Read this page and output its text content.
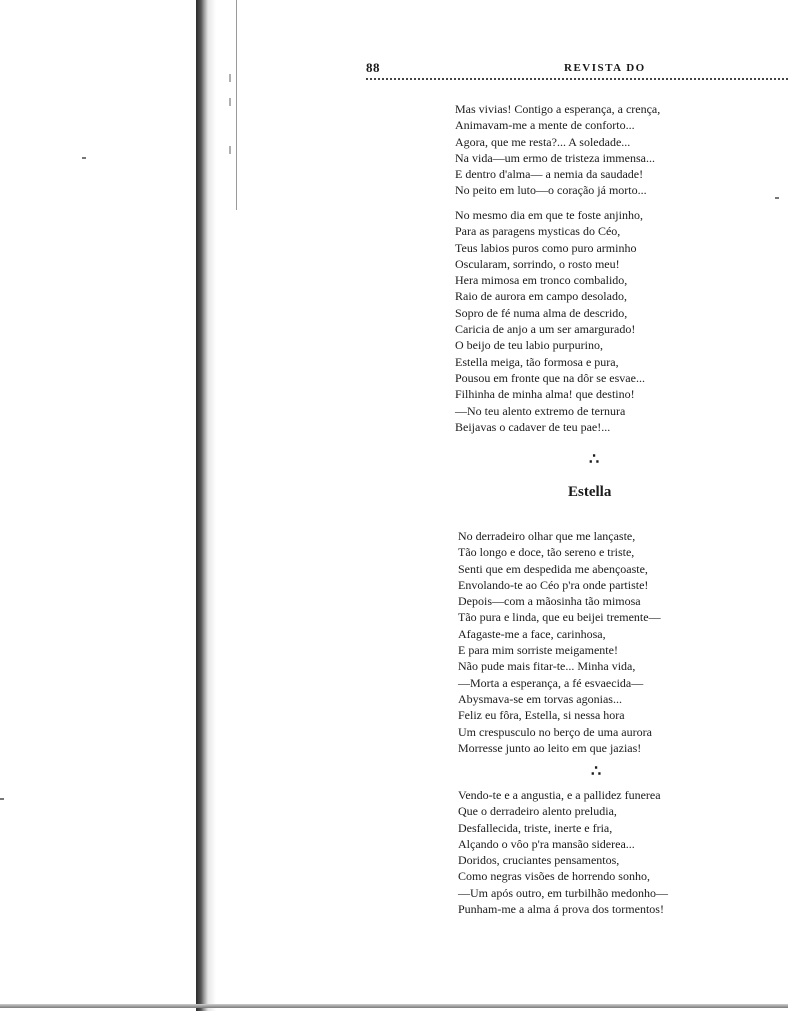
88	REVISTA DO
Mas vivias! Contigo a esperança, a crença,
Animavam-me a mente de conforto...
Agora, que me resta?... A soledade...
Na vida—um ermo de tristeza immensa...
E dentro d'alma— a nemia da saudade!
No peito em luto—o coração já morto...
No mesmo dia em que te foste anjinho,
Para as paragens mysticas do Céo,
Teus labios puros como puro arminho
Oscularam, sorrindo, o rosto meu!
Hera mimosa em tronco combalido,
Raio de aurora em campo desolado,
Sopro de fé numa alma de descrido,
Caricia de anjo a um ser amargurado!
O beijo de teu labio purpurino,
Estella meiga, tão formosa e pura,
Pousou em fronte que na dôr se esvae...
Filhinha de minha alma! que destino!
—No teu alento extremo de ternura
Beijavas o cadaver de teu pae!...
∴
Estella
No derradeiro olhar que me lançaste,
Tão longo e doce, tão sereno e triste,
Senti que em despedida me abençoaste,
Envolando-te ao Céo p'ra onde partiste!
Depois—com a mãosinha tão mimosa
Tão pura e linda, que eu beijei tremente—
Afagaste-me a face, carinhosa,
E para mim sorriste meigamente!
Não pude mais fitar-te... Minha vida,
—Morta a esperança, a fé esvaecida—
Abysmava-se em torvas agonias...
Feliz eu fôra, Estella, si nessa hora
Um crespusculo no berço de uma aurora
Morresse junto ao leito em que jazias!
∴
Vendo-te e a angustia, e a pallidez funerea
Que o derradeiro alento preludia,
Desfallecida, triste, inerte e fria,
Alçando o vôo p'ra mansão siderea...
Doridos, cruciantes pensamentos,
Como negras visões de horrendo sonho,
—Um após outro, em turbilhão medonho—
Punham-me a alma á prova dos tormentos!
